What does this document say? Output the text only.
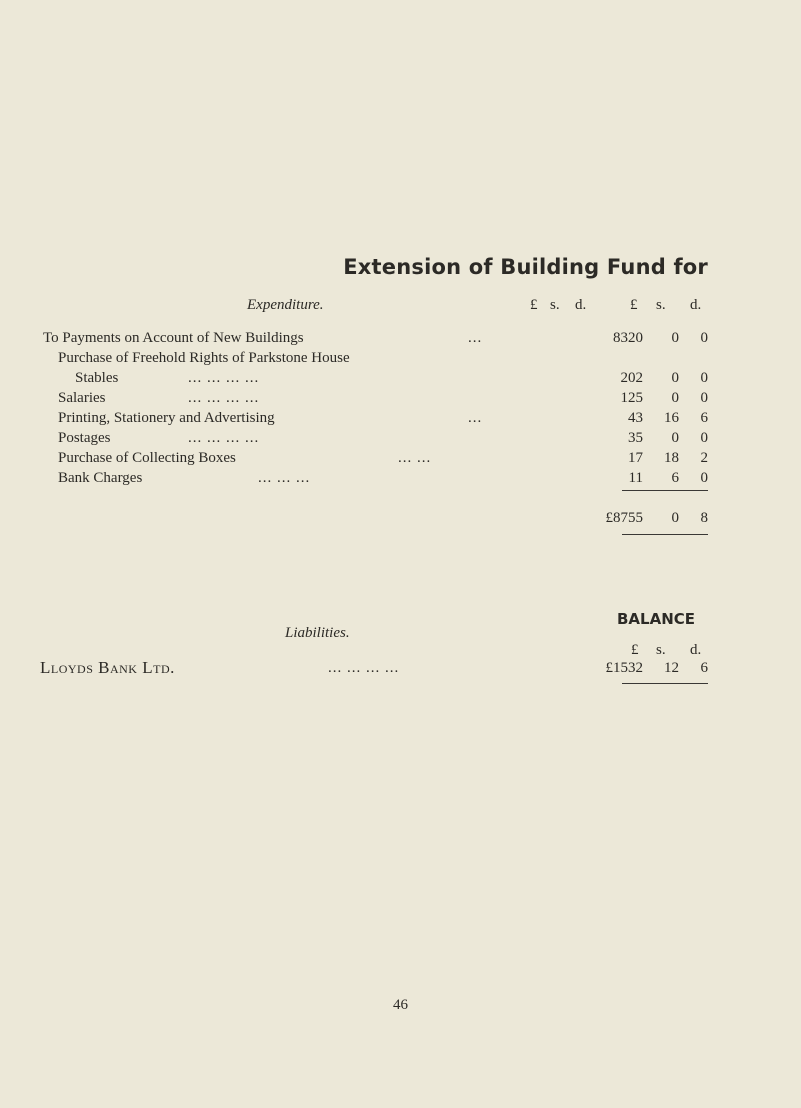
Extension of Building Fund for
Expenditure.	£ s. d.	£ s. d.
To Payments on Account of New Buildings	...	8320	0	0
Purchase of Freehold Rights of Parkstone House
Stables	... ... ... ...	202	0	0
Salaries	... ... ... ...	125	0	0
Printing, Stationery and Advertising	...	43	16	6
Postages	... ... ... ...	35	0	0
Purchase of Collecting Boxes	... ...	17	18	2
Bank Charges	... ... ...	11	6	0
£8755	0	8
BALANCE
Liabilities.
£ s. d.
Lloyds Bank Ltd.	... ... ... ...	£1532	12	6
46
